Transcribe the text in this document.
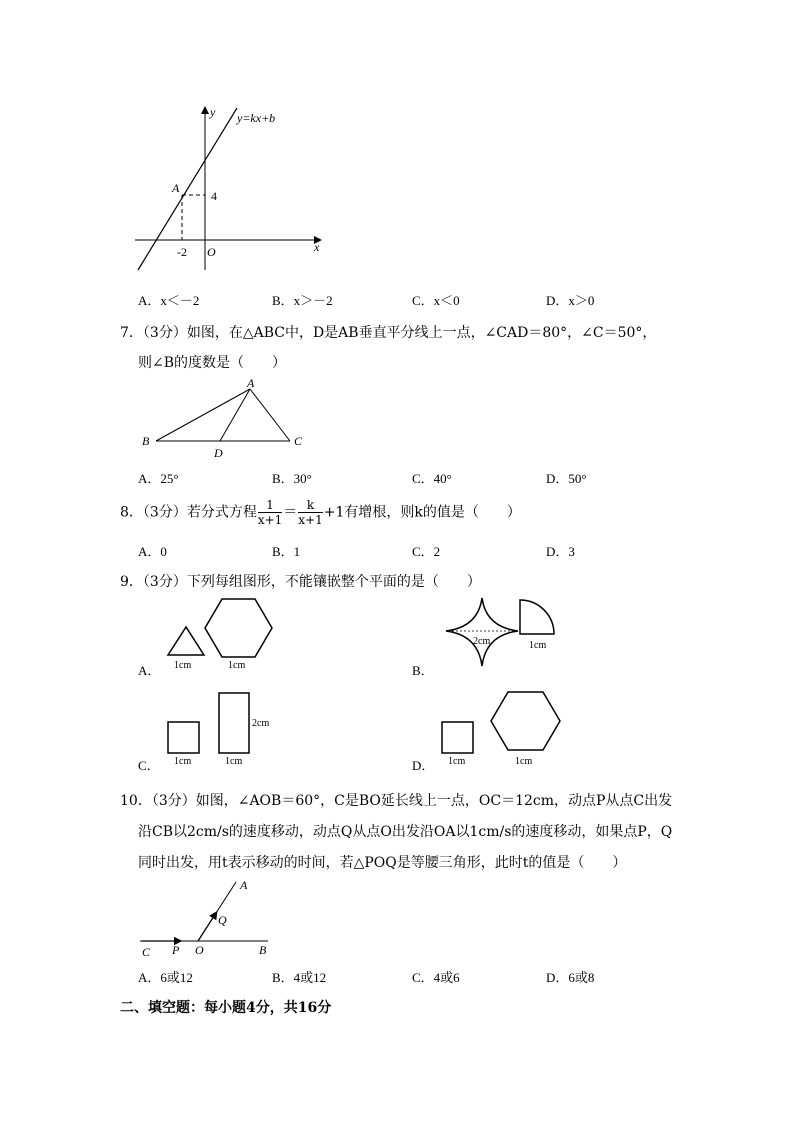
y=kx+b
y
x
A
4
-2 O
A．x＜－2	B．x＞－2	C．x＜0	D．x＞0
7．（3分）如图，在△ABC中，D是AB垂直平分线上一点，∠CAD＝80°，∠C＝50°，
则∠B的度数是（　　）
A
B	C
D
A．25°	B．30°	C．40°	D．50°
8．（3分）若分式方程 $\frac{1}{x+1} = \frac{k}{x+1} +1$有增根，则k的值是（　　）
A．0	B．1	C．2	D．3
9．（3分）下列每组图形，不能镶嵌整个平面的是（　　）
A． 1cm	1cm	B．
2cm	1cm
C． 1cm	1cm
2cm
D． 1cm	1cm
10．（3分）如图，∠AOB＝60°，C是BO延长线上一点，OC＝12cm，动点P从点C出发
沿CB以2cm/s的速度移动，动点Q从点O出发沿OA以1cm/s的速度移动，如果点P，Q
同时出发，用t表示移动的时间，若△POQ是等腰三角形，此时t的值是（　　）
A
Q
C P O	B
A．6或12	B．4或12	C．4或6	D．6或8
二、填空题：每小题4分，共16分
